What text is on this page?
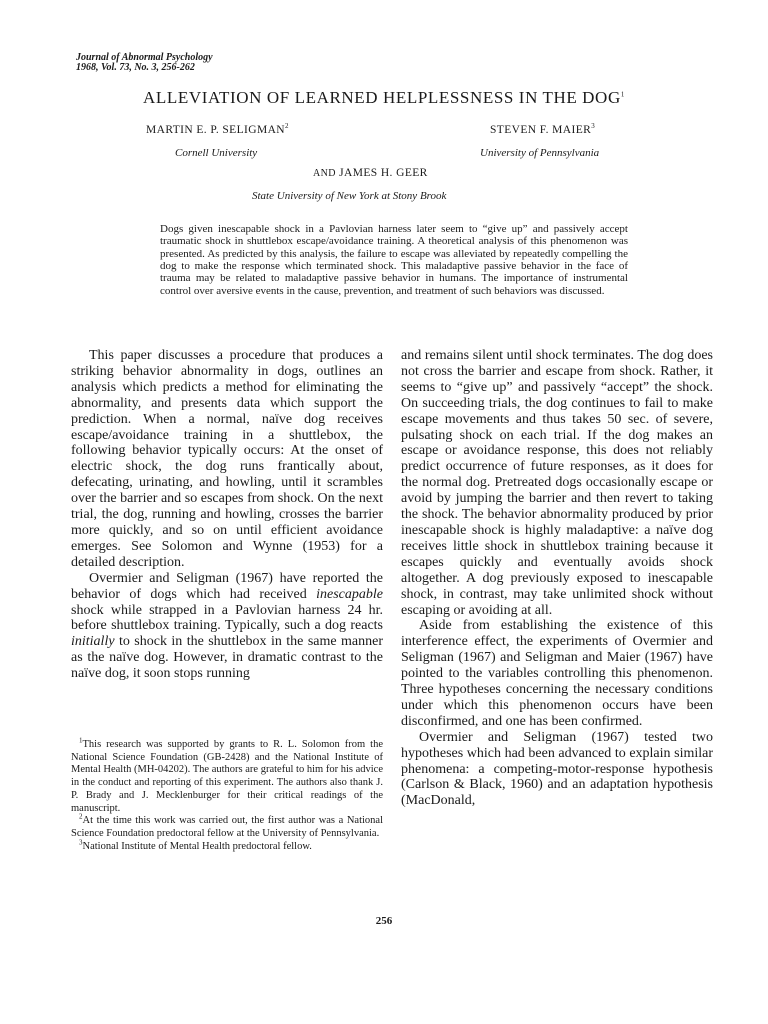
Journal of Abnormal Psychology
1968, Vol. 73, No. 3, 256-262
ALLEVIATION OF LEARNED HELPLESSNESS IN THE DOG$^1$
MARTIN E. P. SELIGMAN$^2$
Cornell University
STEVEN F. MAIER$^3$
University of Pennsylvania
AND JAMES H. GEER
State University of New York at Stony Brook
Dogs given inescapable shock in a Pavlovian harness later seem to “give up” and passively accept traumatic shock in shuttlebox escape/avoidance training. A theoretical analysis of this phenomenon was presented. As predicted by this analysis, the failure to escape was alleviated by repeatedly compelling the dog to make the response which terminated shock. This maladaptive passive behavior in the face of trauma may be related to maladaptive passive behavior in humans. The importance of instrumental control over aversive events in the cause, prevention, and treatment of such behaviors was discussed.

This paper discusses a procedure that produces a striking behavior abnormality in dogs, outlines an analysis which predicts a method for eliminating the abnormality, and presents data which support the prediction. When a normal, naïve dog receives escape/avoidance training in a shuttlebox, the following behavior typically occurs: At the onset of electric shock, the dog runs frantically about, defecating, urinating, and howling, until it scrambles over the barrier and so escapes from shock. On the next trial, the dog, running and howling, crosses the barrier more quickly, and so on until efficient avoidance emerges. See Solomon and Wynne (1953) for a detailed description.

Overmier and Seligman (1967) have reported the behavior of dogs which had received inescapable shock while strapped in a Pavlovian harness 24 hr. before shuttlebox training. Typically, such a dog reacts initially to shock in the shuttlebox in the same manner as the naïve dog. However, in dramatic contrast to the naïve dog, it soon stops running

$^1$This research was supported by grants to R. L. Solomon from the National Science Foundation (GB-2428) and the National Institute of Mental Health (MH-04202). The authors are grateful to him for his advice in the conduct and reporting of this experiment. The authors also thank J. P. Brady and J. Mecklenburger for their critical readings of the manuscript.

$^2$At the time this work was carried out, the first author was a National Science Foundation predoctoral fellow at the University of Pennsylvania.

$^3$National Institute of Mental Health predoctoral fellow.

and remains silent until shock terminates. The dog does not cross the barrier and escape from shock. Rather, it seems to “give up” and passively “accept” the shock. On succeeding trials, the dog continues to fail to make escape movements and thus takes 50 sec. of severe, pulsating shock on each trial. If the dog makes an escape or avoidance response, this does not reliably predict occurrence of future responses, as it does for the normal dog. Pretreated dogs occasionally escape or avoid by jumping the barrier and then revert to taking the shock. The behavior abnormality produced by prior inescapable shock is highly maladaptive: a naïve dog receives little shock in shuttlebox training because it escapes quickly and eventually avoids shock altogether. A dog previously exposed to inescapable shock, in contrast, may take unlimited shock without escaping or avoiding at all.

Aside from establishing the existence of this interference effect, the experiments of Overmier and Seligman (1967) and Seligman and Maier (1967) have pointed to the variables controlling this phenomenon. Three hypotheses concerning the necessary conditions under which this phenomenon occurs have been disconfirmed, and one has been confirmed.

Overmier and Seligman (1967) tested two hypotheses which had been advanced to explain similar phenomena: a competing-motor-response hypothesis (Carlson & Black, 1960) and an adaptation hypothesis (MacDonald,

256
